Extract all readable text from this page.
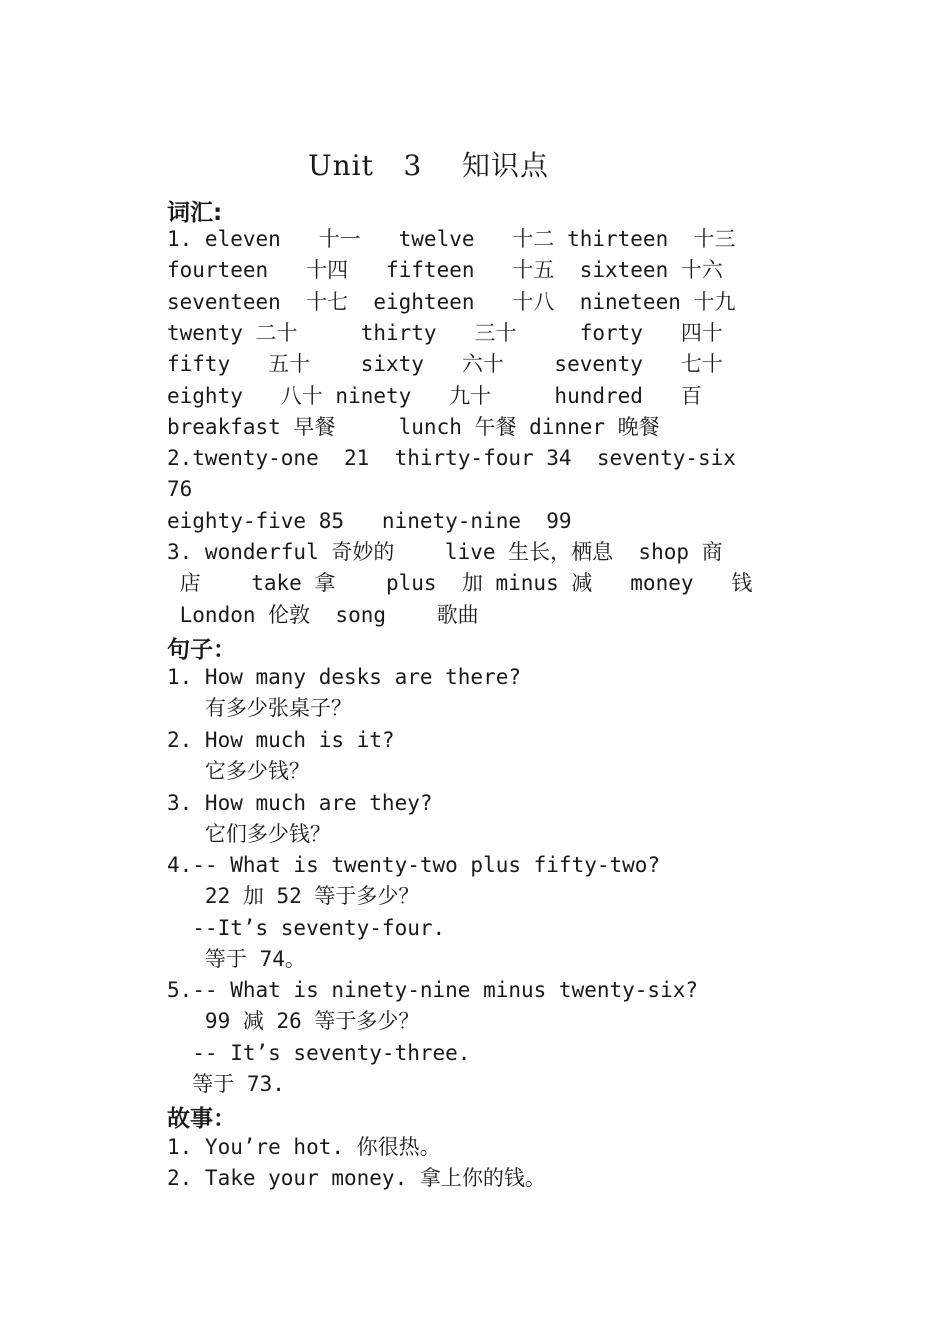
Unit   3    知识点
词汇:
1. eleven   十一   twelve   十二 thirteen  十三
fourteen   十四   fifteen   十五  sixteen 十六
seventeen  十七  eighteen   十八  nineteen 十九
twenty 二十     thirty   三十     forty   四十
fifty   五十    sixty   六十    seventy   七十
eighty   八十 ninety   九十     hundred   百
breakfast 早餐     lunch 午餐 dinner 晚餐
2.twenty-one  21  thirty-four 34  seventy-six
76
eighty-five 85   ninety-nine  99
3. wonderful 奇妙的    live 生长，栖息  shop 商
店    take 拿    plus  加 minus 减   money   钱
London 伦敦  song    歌曲
句子：
1. How many desks are there?
有多少张桌子？
2. How much is it?
它多少钱？
3. How much are they?
它们多少钱？
4.-- What is twenty-two plus fifty-two?
22 加 52 等于多少？
--It’s seventy-four.
等于 74。
5.-- What is ninety-nine minus twenty-six?
99 减 26 等于多少？
-- It’s seventy-three.
等于 73.
故事：
1. You’re hot. 你很热。
2. Take your money. 拿上你的钱。
